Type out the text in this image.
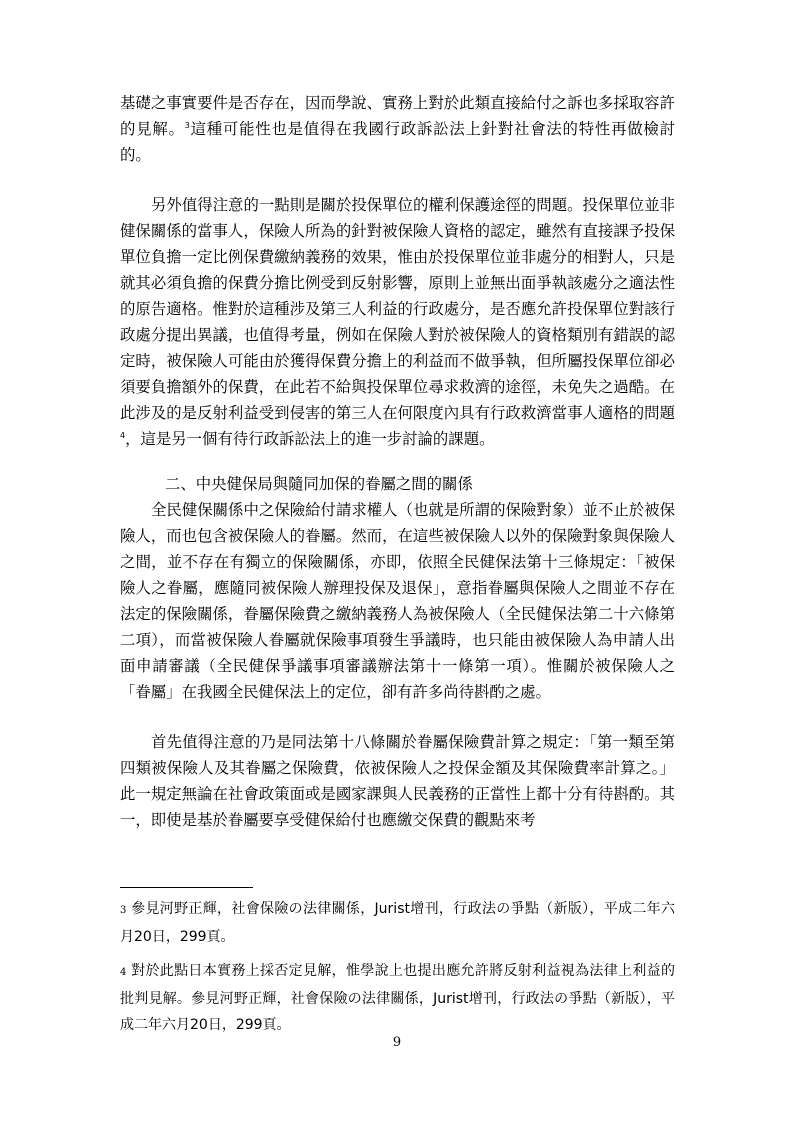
基礎之事實要件是否存在，因而學說、實務上對於此類直接給付之訴也多採取容許的見解。$^3$這種可能性也是值得在我國行政訴訟法上針對社會法的特性再做檢討的。

另外值得注意的一點則是關於投保單位的權利保護途徑的問題。投保單位並非健保關係的當事人，保險人所為的針對被保險人資格的認定，雖然有直接課予投保單位負擔一定比例保費繳納義務的效果，惟由於投保單位並非處分的相對人，只是就其必須負擔的保費分擔比例受到反射影響，原則上並無出面爭執該處分之適法性的原告適格。惟對於這種涉及第三人利益的行政處分，是否應允許投保單位對該行政處分提出異議，也值得考量，例如在保險人對於被保險人的資格類別有錯誤的認定時，被保險人可能由於獲得保費分擔上的利益而不做爭執，但所屬投保單位卻必須要負擔額外的保費，在此若不給與投保單位尋求救濟的途徑，未免失之過酷。在此涉及的是反射利益受到侵害的第三人在何限度內具有行政救濟當事人適格的問題$^4$，這是另一個有待行政訴訟法上的進一步討論的課題。

二、中央健保局與隨同加保的眷屬之間的關係

全民健保關係中之保險給付請求權人（也就是所謂的保險對象）並不止於被保險人，而也包含被保險人的眷屬。然而，在這些被保險人以外的保險對象與保險人之間，並不存在有獨立的保險關係，亦即，依照全民健保法第十三條規定：「被保險人之眷屬，應隨同被保險人辦理投保及退保」，意指眷屬與保險人之間並不存在法定的保險關係，眷屬保險費之繳納義務人為被保險人（全民健保法第二十六條第二項），而當被保險人眷屬就保險事項發生爭議時，也只能由被保險人為申請人出面申請審議（全民健保爭議事項審議辦法第十一條第一項）。惟關於被保險人之「眷屬」在我國全民健保法上的定位，卻有許多尚待斟酌之處。

首先值得注意的乃是同法第十八條關於眷屬保險費計算之規定：「第一類至第四類被保險人及其眷屬之保險費，依被保險人之投保金額及其保險費率計算之。」此一規定無論在社會政策面或是國家課與人民義務的正當性上都十分有待斟酌。其一，即使是基於眷屬要享受健保給付也應繳交保費的觀點來考

3 參見河野正輝，社會保險の法律關係，Jurist增刊，行政法の爭點（新版），平成二年六月20日，299頁。

4 對於此點日本實務上採否定見解，惟學說上也提出應允許將反射利益視為法律上利益的批判見解。參見河野正輝，社會保險の法律關係，Jurist增刊，行政法の爭點（新版），平成二年六月20日，299頁。

9
